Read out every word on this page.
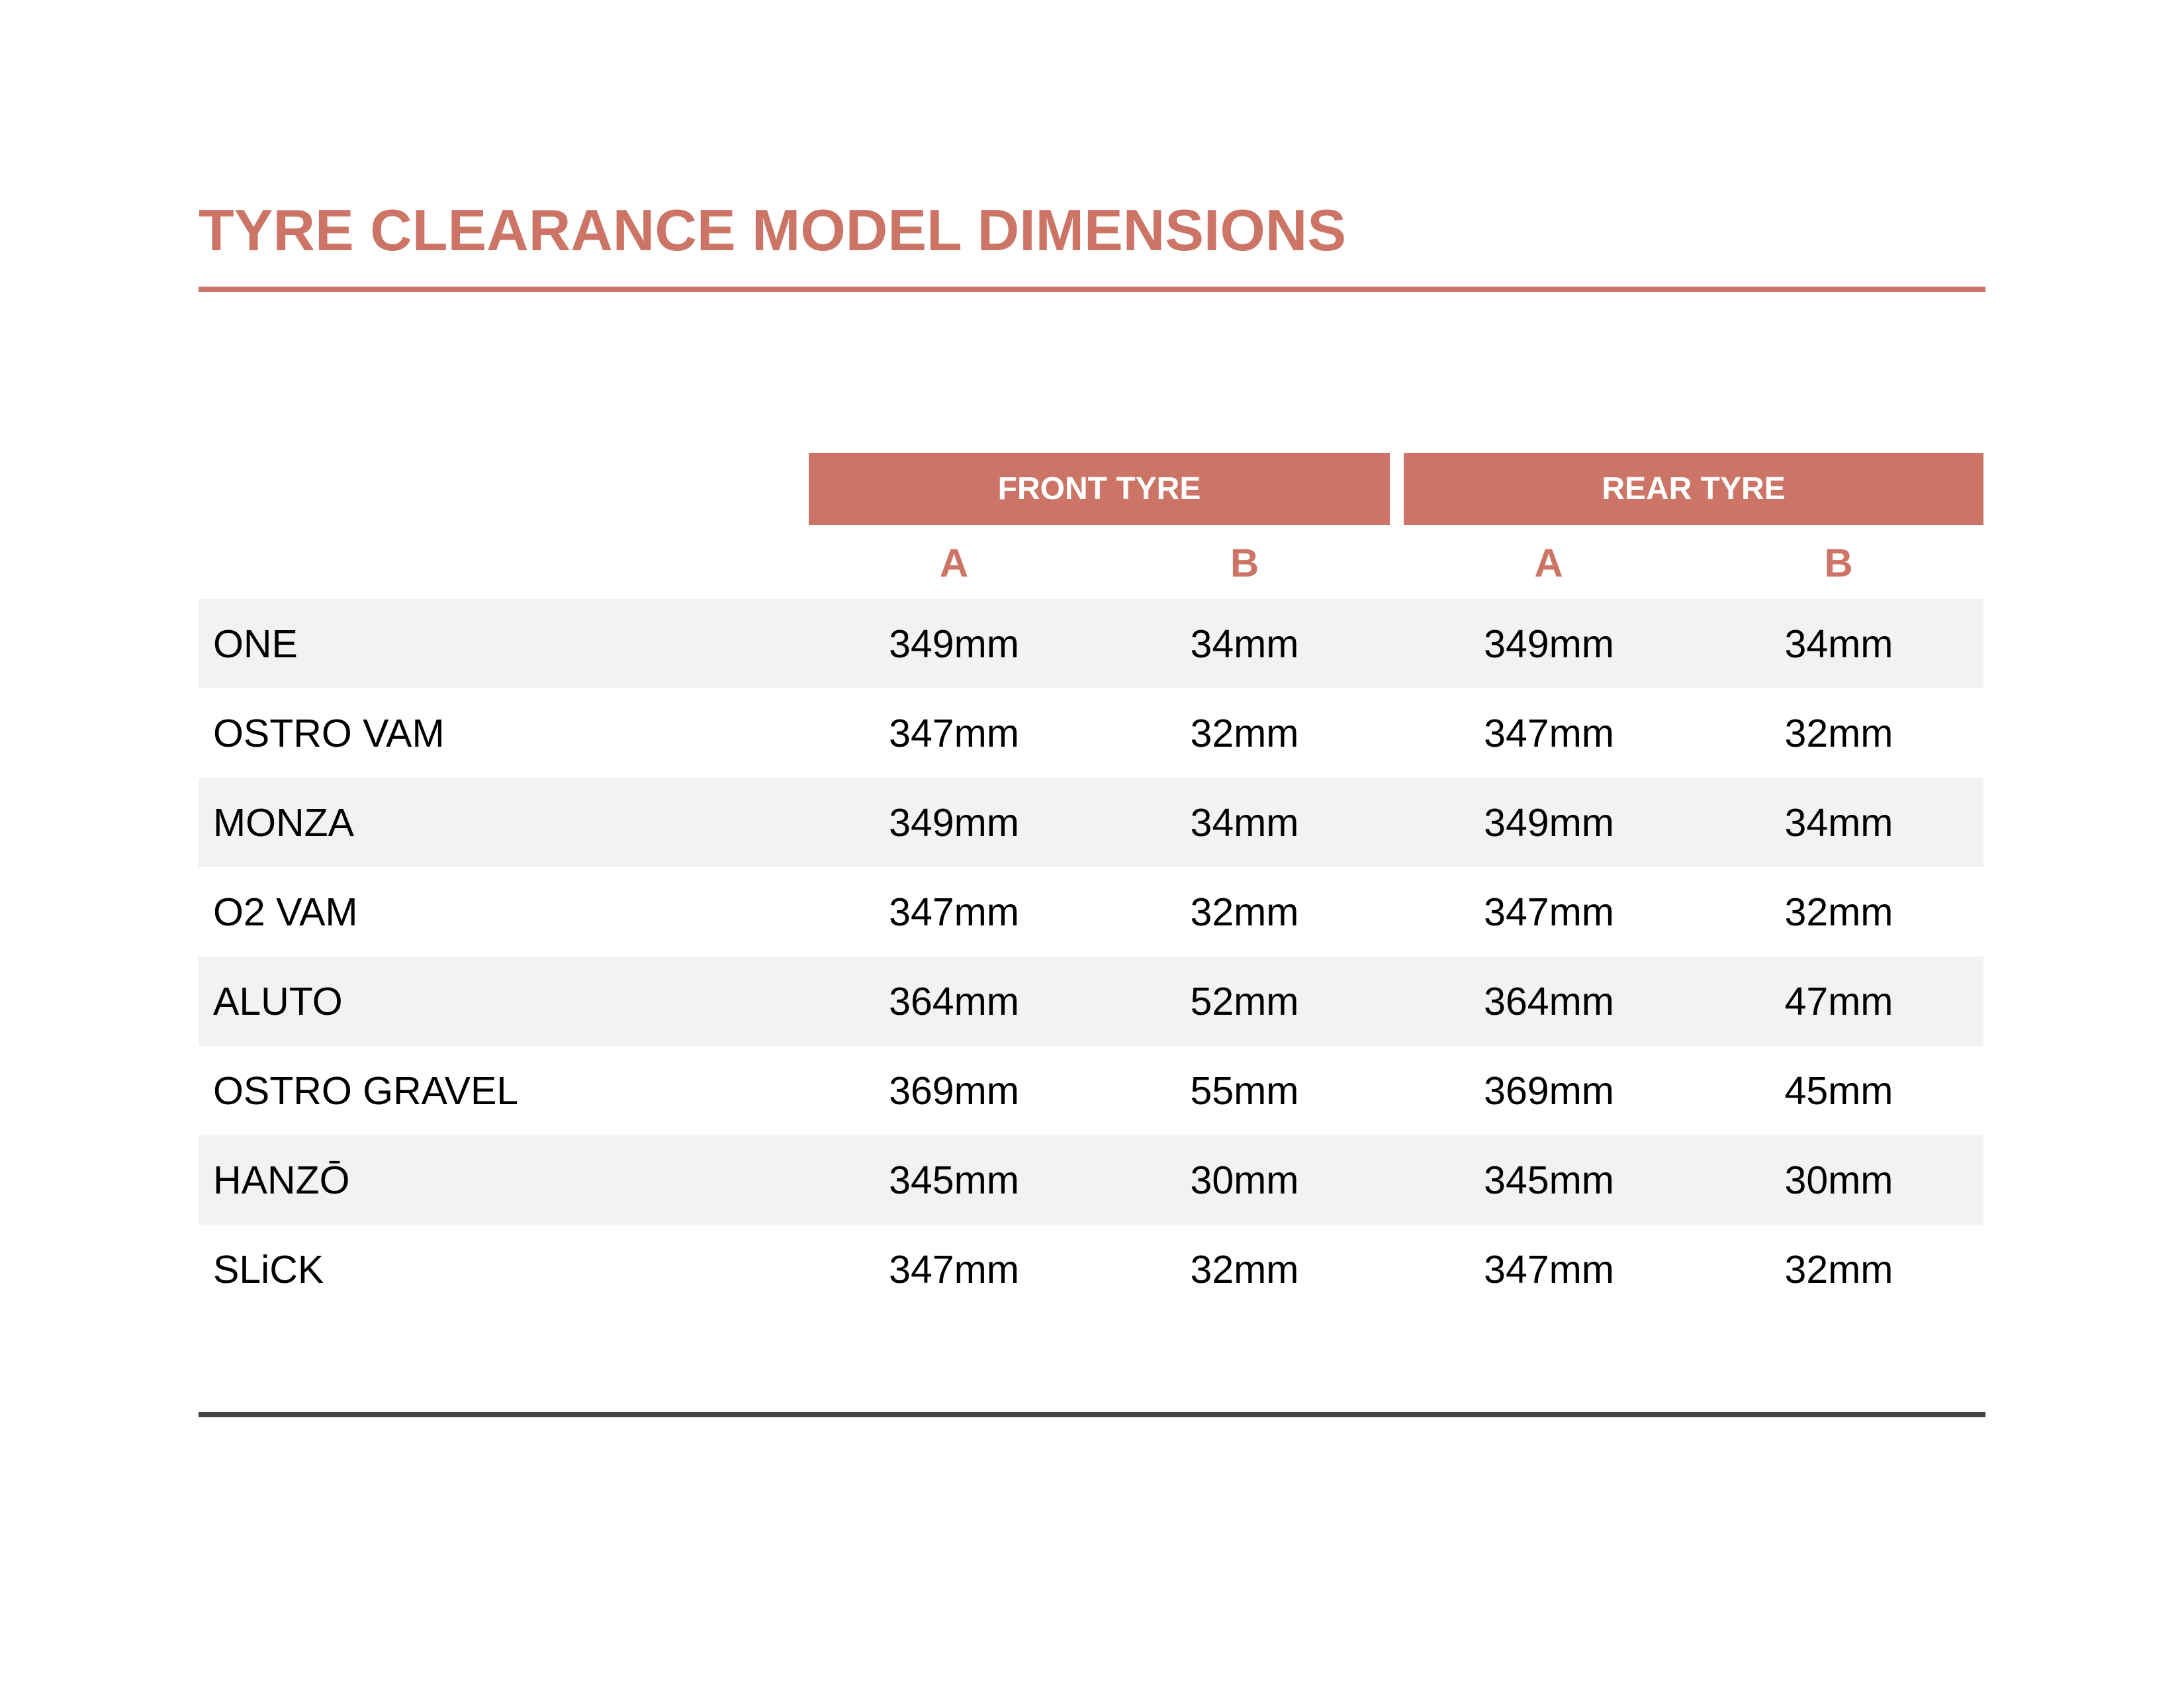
TYRE CLEARANCE MODEL DIMENSIONS
FRONT TYRE	REAR TYRE
A	B	A	B
ONE	349mm	34mm	349mm	34mm
OSTRO VAM	347mm	32mm	347mm	32mm
MONZA	349mm	34mm	349mm	34mm
O2 VAM	347mm	32mm	347mm	32mm
ALUTO	364mm	52mm	364mm	47mm
OSTRO GRAVEL	369mm	55mm	369mm	45mm
HANZŌ	345mm	30mm	345mm	30mm
SLiCK	347mm	32mm	347mm	32mm
